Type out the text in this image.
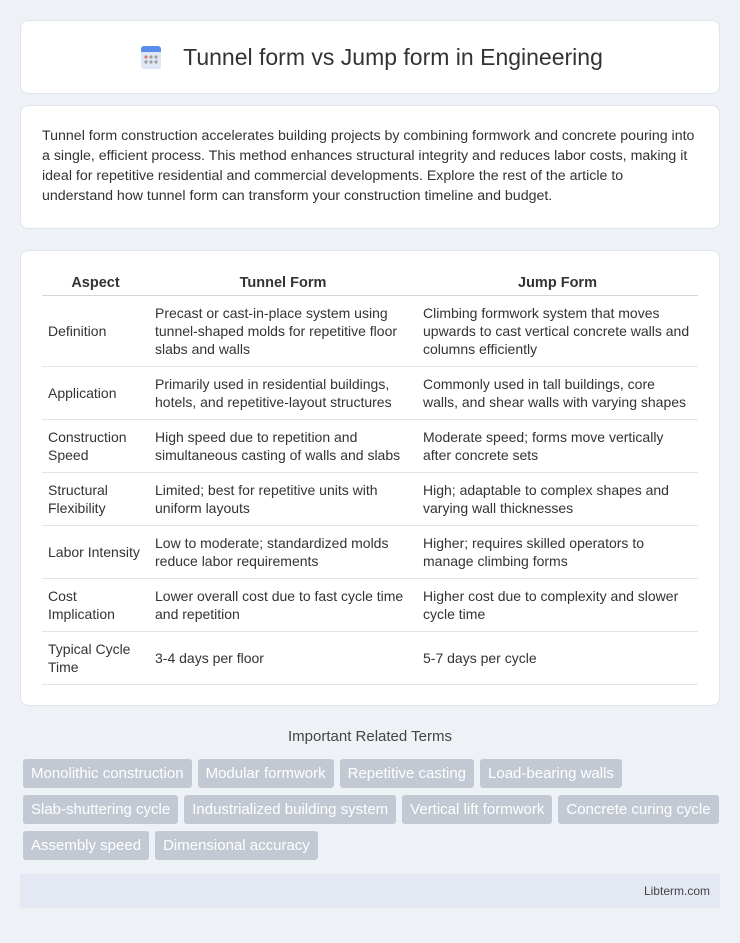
Tunnel form vs Jump form in Engineering

Tunnel form construction accelerates building projects by combining formwork and concrete pouring into a single, efficient process. This method enhances structural integrity and reduces labor costs, making it ideal for repetitive residential and commercial developments. Explore the rest of the article to understand how tunnel form can transform your construction timeline and budget.

Aspect	Tunnel Form	Jump Form
Definition	Precast or cast-in-place system using tunnel-shaped molds for repetitive floor slabs and walls	Climbing formwork system that moves upwards to cast vertical concrete walls and columns efficiently
Application	Primarily used in residential buildings, hotels, and repetitive-layout structures	Commonly used in tall buildings, core walls, and shear walls with varying shapes
Construction Speed	High speed due to repetition and simultaneous casting of walls and slabs	Moderate speed; forms move vertically after concrete sets
Structural Flexibility	Limited; best for repetitive units with uniform layouts	High; adaptable to complex shapes and varying wall thicknesses
Labor Intensity	Low to moderate; standardized molds reduce labor requirements	Higher; requires skilled operators to manage climbing forms
Cost Implication	Lower overall cost due to fast cycle time and repetition	Higher cost due to complexity and slower cycle time
Typical Cycle Time	3-4 days per floor	5-7 days per cycle
Important Related Terms
Monolithic construction	Modular formwork	Repetitive casting	Load-bearing walls
Slab-shuttering cycle	Industrialized building system	Vertical lift formwork	Concrete curing cycle
Assembly speed	Dimensional accuracy
Libterm.com
